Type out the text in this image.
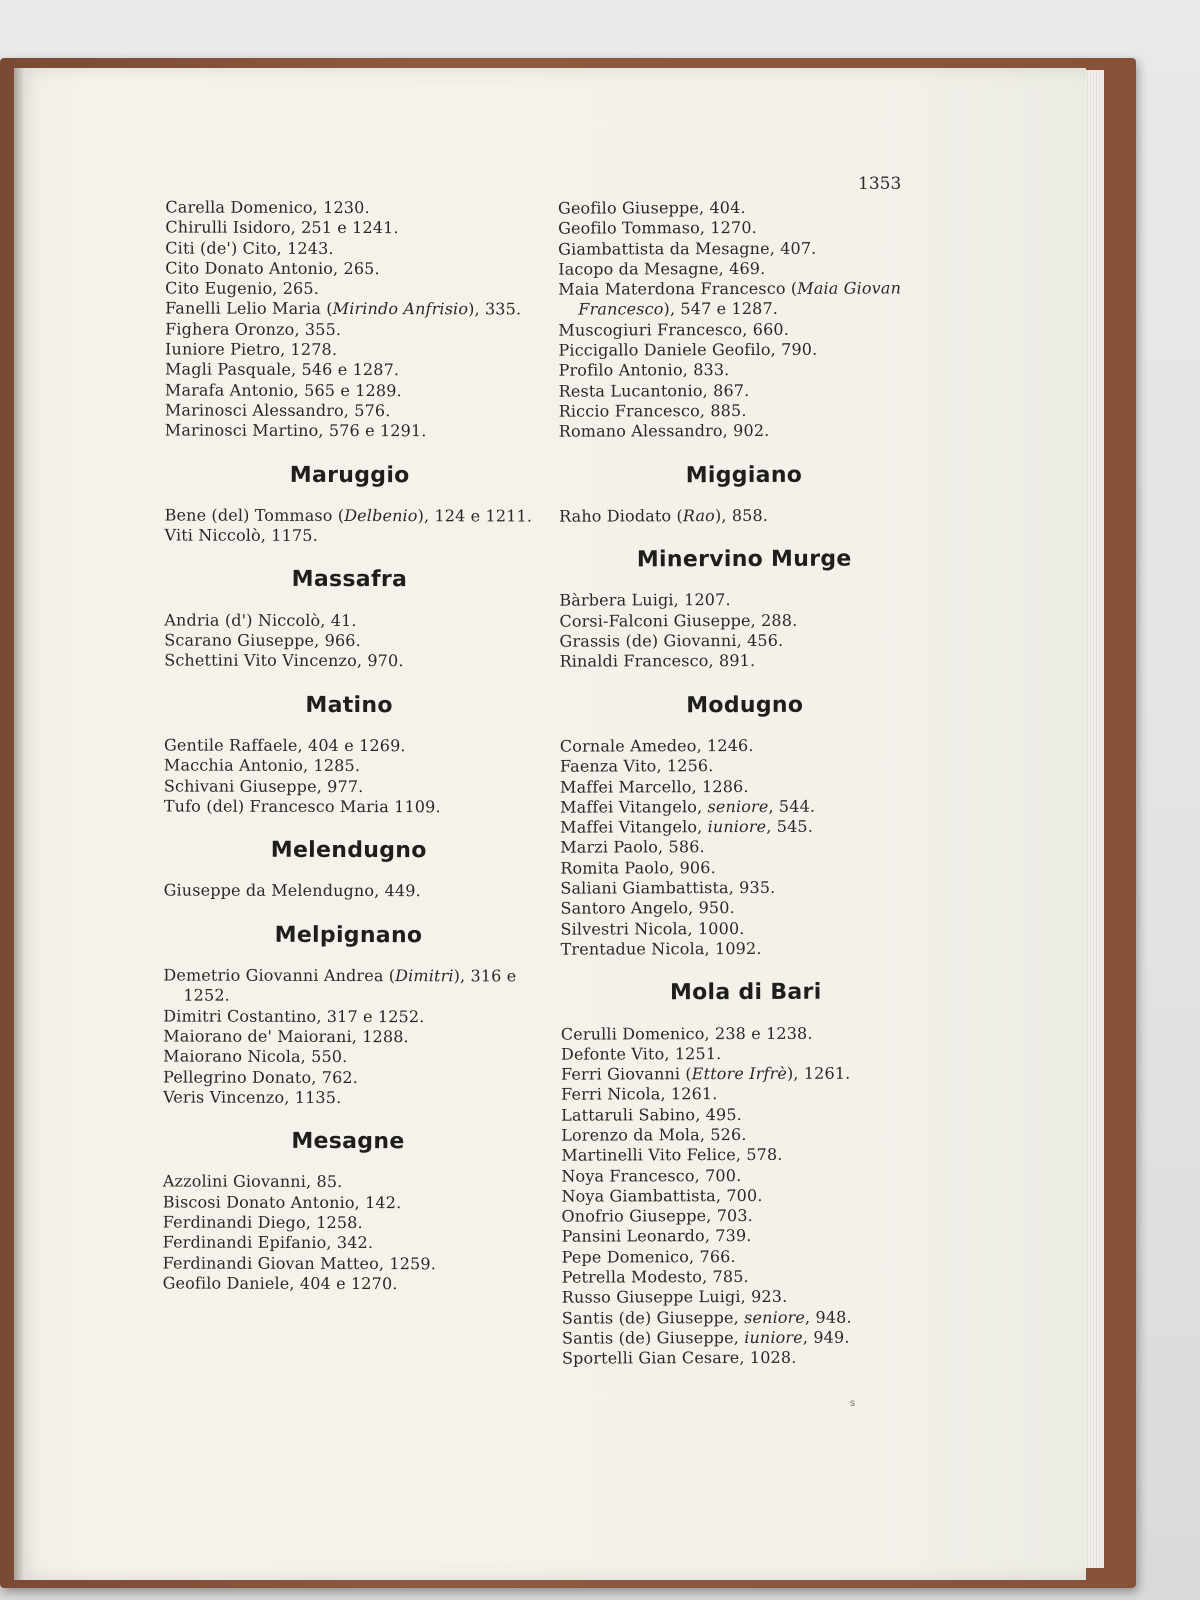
1353
Carella Domenico, 1230.
Chirulli Isidoro, 251 e 1241.
Citi (de') Cito, 1243.
Cito Donato Antonio, 265.
Cito Eugenio, 265.
Fanelli Lelio Maria (Mirindo Anfrisio), 335.
Fighera Oronzo, 355.
Iuniore Pietro, 1278.
Magli Pasquale, 546 e 1287.
Marafa Antonio, 565 e 1289.
Marinosci Alessandro, 576.
Marinosci Martino, 576 e 1291.
Maruggio
Bene (del) Tommaso (Delbenio), 124 e 1211.
Viti Niccolò, 1175.
Massafra
Andria (d') Niccolò, 41.
Scarano Giuseppe, 966.
Schettini Vito Vincenzo, 970.
Matino
Gentile Raffaele, 404 e 1269.
Macchia Antonio, 1285.
Schivani Giuseppe, 977.
Tufo (del) Francesco Maria 1109.
Melendugno
Giuseppe da Melendugno, 449.
Melpignano
Demetrio Giovanni Andrea (Dimitri), 316 e 1252.
Dimitri Costantino, 317 e 1252.
Maiorano de' Maiorani, 1288.
Maiorano Nicola, 550.
Pellegrino Donato, 762.
Veris Vincenzo, 1135.
Mesagne
Azzolini Giovanni, 85.
Biscosi Donato Antonio, 142.
Ferdinandi Diego, 1258.
Ferdinandi Epifanio, 342.
Ferdinandi Giovan Matteo, 1259.
Geofilo Daniele, 404 e 1270.
Geofilo Giuseppe, 404.
Geofilo Tommaso, 1270.
Giambattista da Mesagne, 407.
Iacopo da Mesagne, 469.
Maia Materdona Francesco (Maia Giovan Francesco), 547 e 1287.
Muscogiuri Francesco, 660.
Piccigallo Daniele Geofilo, 790.
Profilo Antonio, 833.
Resta Lucantonio, 867.
Riccio Francesco, 885.
Romano Alessandro, 902.
Miggiano
Raho Diodato (Rao), 858.
Minervino Murge
Bàrbera Luigi, 1207.
Corsi-Falconi Giuseppe, 288.
Grassis (de) Giovanni, 456.
Rinaldi Francesco, 891.
Modugno
Cornale Amedeo, 1246.
Faenza Vito, 1256.
Maffei Marcello, 1286.
Maffei Vitangelo, seniore, 544.
Maffei Vitangelo, iuniore, 545.
Marzi Paolo, 586.
Romita Paolo, 906.
Saliani Giambattista, 935.
Santoro Angelo, 950.
Silvestri Nicola, 1000.
Trentadue Nicola, 1092.
Mola di Bari
Cerulli Domenico, 238 e 1238.
Defonte Vito, 1251.
Ferri Giovanni (Ettore Irfrè), 1261.
Ferri Nicola, 1261.
Lattaruli Sabino, 495.
Lorenzo da Mola, 526.
Martinelli Vito Felice, 578.
Noya Francesco, 700.
Noya Giambattista, 700.
Onofrio Giuseppe, 703.
Pansini Leonardo, 739.
Pepe Domenico, 766.
Petrella Modesto, 785.
Russo Giuseppe Luigi, 923.
Santis (de) Giuseppe, seniore, 948.
Santis (de) Giuseppe, iuniore, 949.
Sportelli Gian Cesare, 1028.
s
